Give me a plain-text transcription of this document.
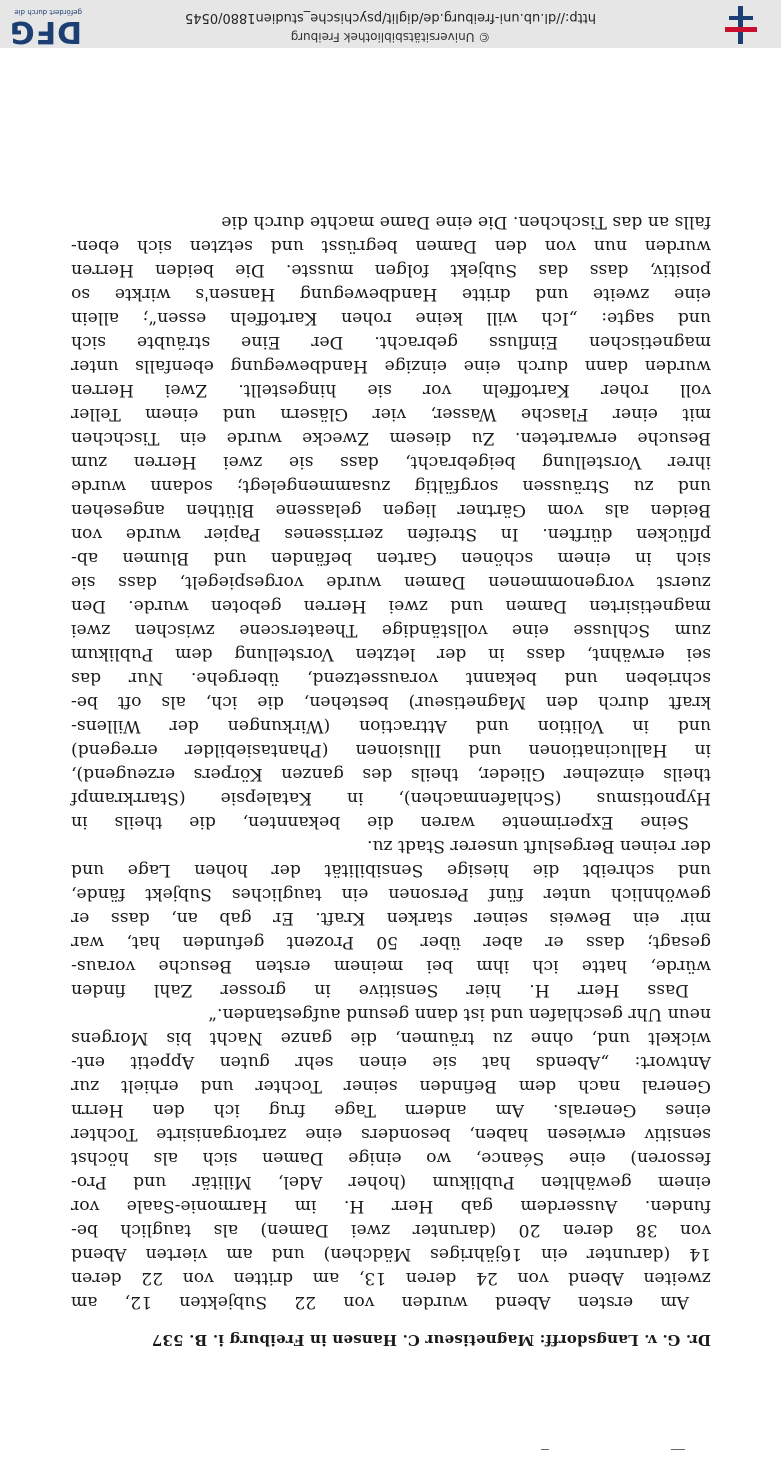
Dr. G. v. Langsdorff: Magnetiseur C. Hansen in Freiburg i. B. 537
Am ersten Abend wurden von 22 Subjekten 12, am
zweiten Abend von 24 deren 13, am dritten von 22 deren
14 (darunter ein 16jähriges Mädchen) und am vierten Abend
von 38 deren 20 (darunter zwei Damen) als tauglich be-
funden. Ausserdem gab Herr H. im Harmonie-Saale vor
einem gewählten Publikum (hoher Adel, Militär und Pro-
fessoren) eine Séance, wo einige Damen sich als höchst
sensitiv erwiesen haben, besonders eine zartorganisirte Tochter
eines Generals. Am andern Tage frug ich den Herrn
General nach dem Befinden seiner Tochter und erhielt zur
Antwort: „Abends hat sie einen sehr guten Appetit ent-
wickelt und, ohne zu träumen, die ganze Nacht bis Morgens
neun Uhr geschlafen und ist dann gesund aufgestanden.“
Dass Herr H. hier Sensitive in grosser Zahl finden
würde, hatte ich ihm bei meinem ersten Besuche voraus-
gesagt; dass er aber über 50 Prozent gefunden hat, war
mir ein Beweis seiner starken Kraft. Er gab an, dass er
gewöhnlich unter fünf Personen ein taugliches Subjekt fände,
und schreibt die hiesige Sensibilität der hohen Lage und
der reinen Bergesluft unserer Stadt zu.
Seine Experimente waren die bekannten, die theils in
Hypnotismus (Schlafenmachen), in Katalepsie (Starrkrampf
theils einzelner Glieder, theils des ganzen Körpers erzeugend),
in Hallucinationen und Illusionen (Phantasiebilder erregend)
und in Volition und Attraction (Wirkungen der Willens-
kraft durch den Magnetiseur) bestehen, die ich, als oft be-
schrieben und bekannt voraussetzend, übergehe. Nur das
sei erwähnt, dass in der letzten Vorstellung dem Publikum
zum Schlusse eine vollständige Theaterscene zwischen zwei
magnetisirten Damen und zwei Herren geboten wurde. Den
zuerst vorgenommenen Damen wurde vorgespiegelt, dass sie
sich in einem schönen Garten befänden und Blumen ab-
pflücken dürften. In Streifen zerrissenes Papier wurde von
Beiden als vom Gärtner liegen gelassene Blüthen angesehen
und zu Sträussen sorgfältig zusammengelegt; sodann wurde
ihrer Vorstellung beigebracht, dass sie zwei Herren zum
Besuche erwarteten. Zu diesem Zwecke wurde ein Tischchen
mit einer Flasche Wasser, vier Gläsern und einem Teller
voll roher Kartoffeln vor sie hingestellt. Zwei Herren
wurden dann durch eine einzige Handbewegung ebenfalls unter
magnetischen Einfluss gebracht. Der Eine sträubte sich
und sagte: „Ich will keine rohen Kartoffeln essen“; allein
eine zweite und dritte Handbewegung Hansen's wirkte so
positiv, dass das Subjekt folgen musste. Die beiden Herren
wurden nun von den Damen begrüsst und setzten sich eben-
falls an das Tischchen. Die eine Dame machte durch die
© Universitätsbibliothek Freiburg
http://dl.ub.uni-freiburg.de/diglit/psychische_studien1880/0545
DFG
gefördert durch die
